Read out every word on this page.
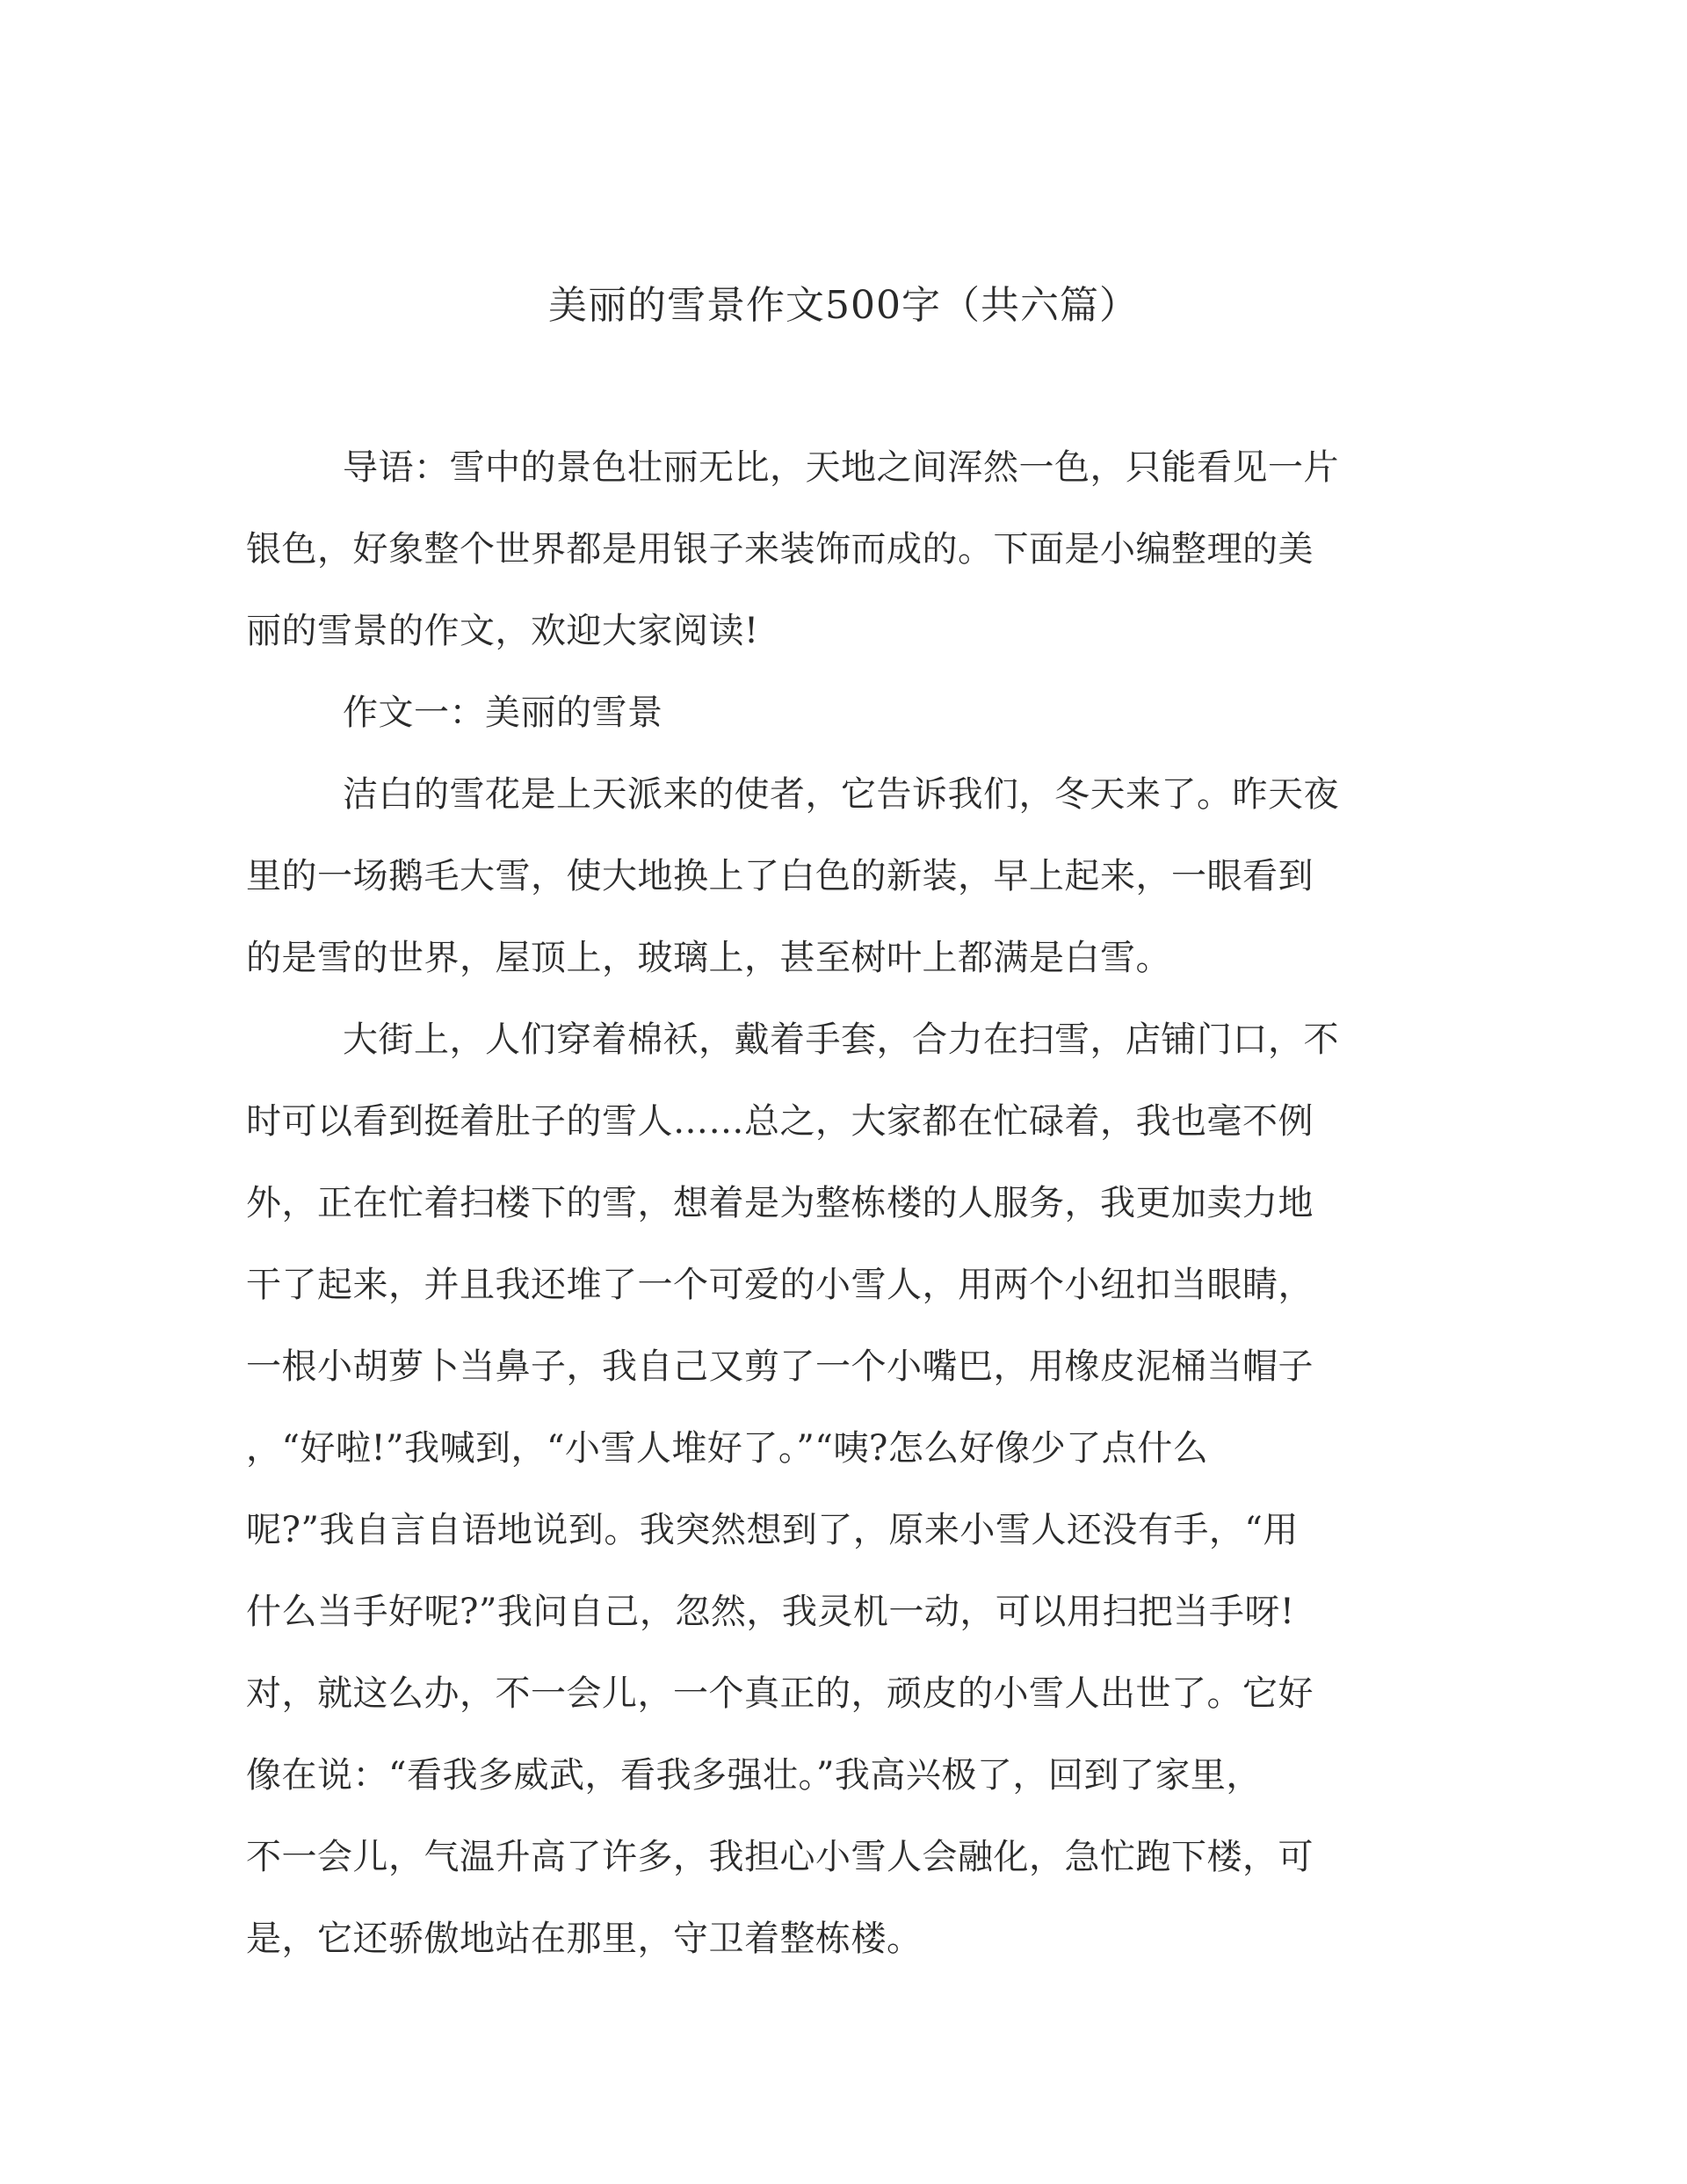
美丽的雪景作文500字（共六篇）
导语：雪中的景色壮丽无比，天地之间浑然一色，只能看见一片
银色，好象整个世界都是用银子来装饰而成的。下面是小编整理的美
丽的雪景的作文，欢迎大家阅读!
作文一：美丽的雪景
洁白的雪花是上天派来的使者，它告诉我们，冬天来了。昨天夜
里的一场鹅毛大雪，使大地换上了白色的新装，早上起来，一眼看到
的是雪的世界，屋顶上，玻璃上，甚至树叶上都满是白雪。
大街上，人们穿着棉袄，戴着手套，合力在扫雪，店铺门口，不
时可以看到挺着肚子的雪人……总之，大家都在忙碌着，我也毫不例
外，正在忙着扫楼下的雪，想着是为整栋楼的人服务，我更加卖力地
干了起来，并且我还堆了一个可爱的小雪人，用两个小纽扣当眼睛，
一根小胡萝卜当鼻子，我自己又剪了一个小嘴巴，用橡皮泥桶当帽子
，“好啦!”我喊到，“小雪人堆好了。”“咦?怎么好像少了点什么
呢?”我自言自语地说到。我突然想到了，原来小雪人还没有手，“用
什么当手好呢?”我问自己，忽然，我灵机一动，可以用扫把当手呀!
对，就这么办，不一会儿，一个真正的，顽皮的小雪人出世了。它好
像在说：“看我多威武，看我多强壮。”我高兴极了，回到了家里，
不一会儿，气温升高了许多，我担心小雪人会融化，急忙跑下楼，可
是，它还骄傲地站在那里，守卫着整栋楼。
